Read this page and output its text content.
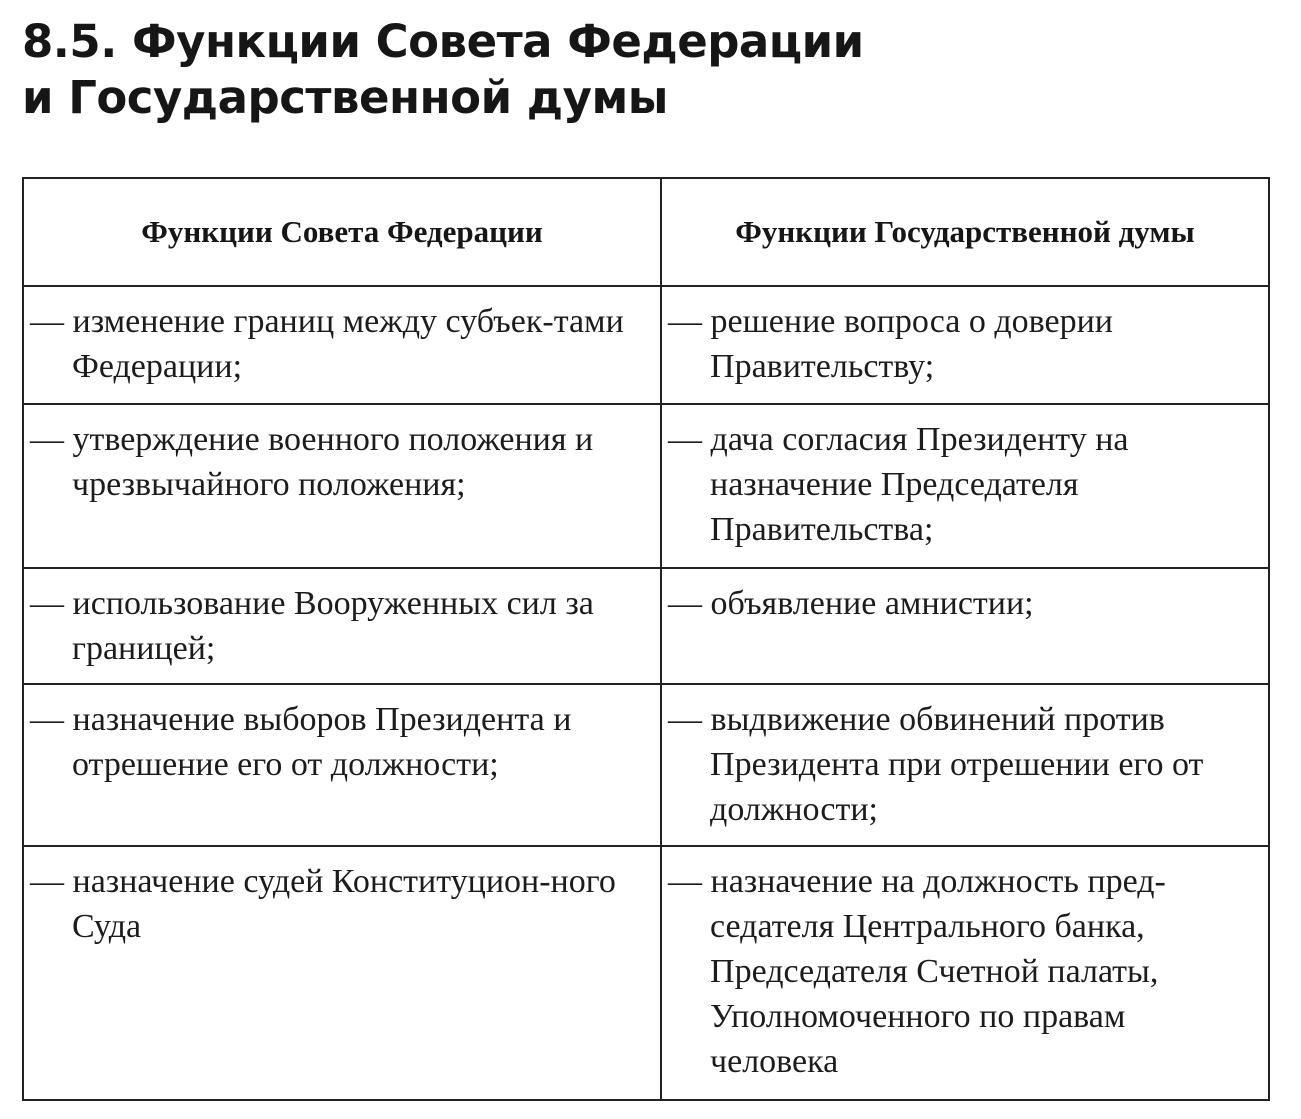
8.5. Функции Совета Федерации
и Государственной думы
Функции Совета Федерации	Функции Государственной думы

— изменение границ между субъек-тами Федерации;	— решение вопроса о доверии Правительству;

— утверждение военного положения и чрезвычайного положения;	— дача согласия Президенту на назначение Председателя Правительства;

— использование Вооруженных сил за границей;	— объявление амнистии;

— назначение выборов Президента и отрешение его от должности;	— выдвижение обвинений против Президента при отрешении его от должности;

— назначение судей Конституцион-ного Суда	— назначение на должность пред-седателя Центрального банка, Председателя Счетной палаты, Уполномоченного по правам человека
